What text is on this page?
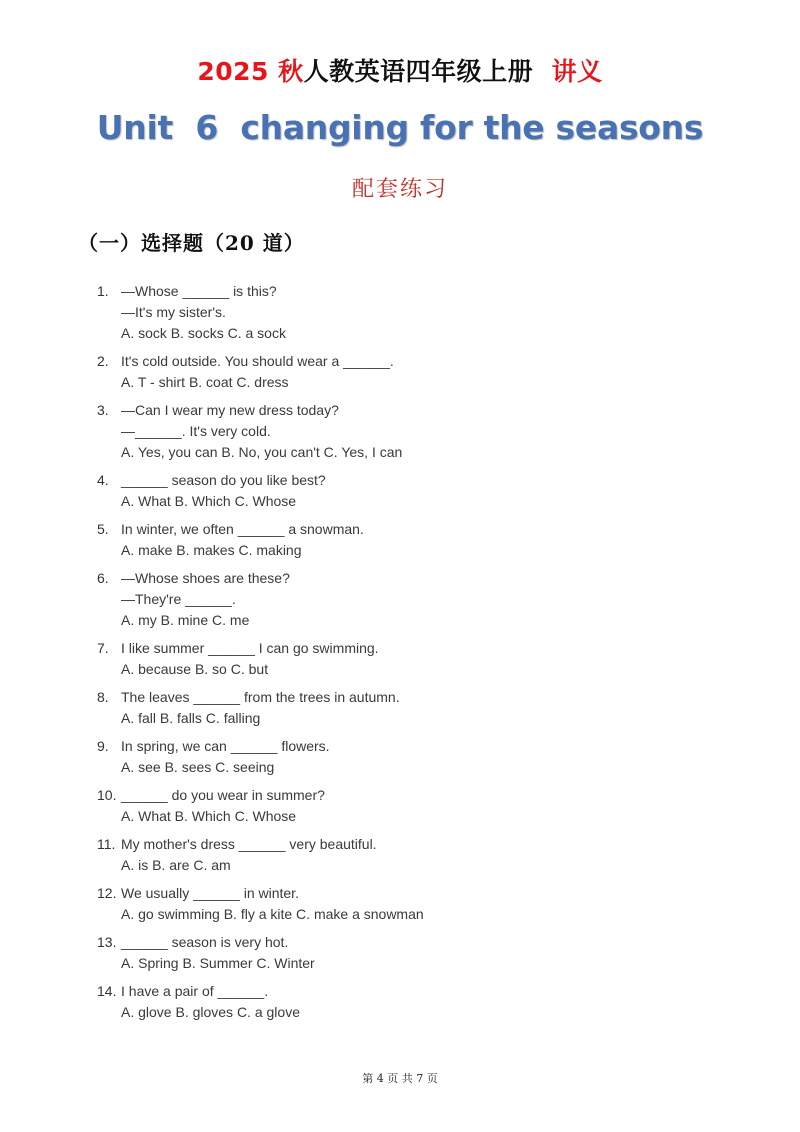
2025 秋人教英语四年级上册 讲义
Unit  6  changing for the seasons
配套练习
（一）选择题（20 道）
1. —Whose ______ is this?
—It's my sister's.
A. sock B. socks C. a sock
2. It's cold outside. You should wear a ______.
A. T - shirt B. coat C. dress
3. —Can I wear my new dress today?
—______. It's very cold.
A. Yes, you can B. No, you can't C. Yes, I can
4. ______ season do you like best?
A. What B. Which C. Whose
5. In winter, we often ______ a snowman.
A. make B. makes C. making
6. —Whose shoes are these?
—They're ______.
A. my B. mine C. me
7. I like summer ______ I can go swimming.
A. because B. so C. but
8. The leaves ______ from the trees in autumn.
A. fall B. falls C. falling
9. In spring, we can ______ flowers.
A. see B. sees C. seeing
10. ______ do you wear in summer?
A. What B. Which C. Whose
11. My mother's dress ______ very beautiful.
A. is B. are C. am
12. We usually ______ in winter.
A. go swimming B. fly a kite C. make a snowman
13. ______ season is very hot.
A. Spring B. Summer C. Winter
14. I have a pair of ______.
A. glove B. gloves C. a glove
第 4 页 共 7 页
